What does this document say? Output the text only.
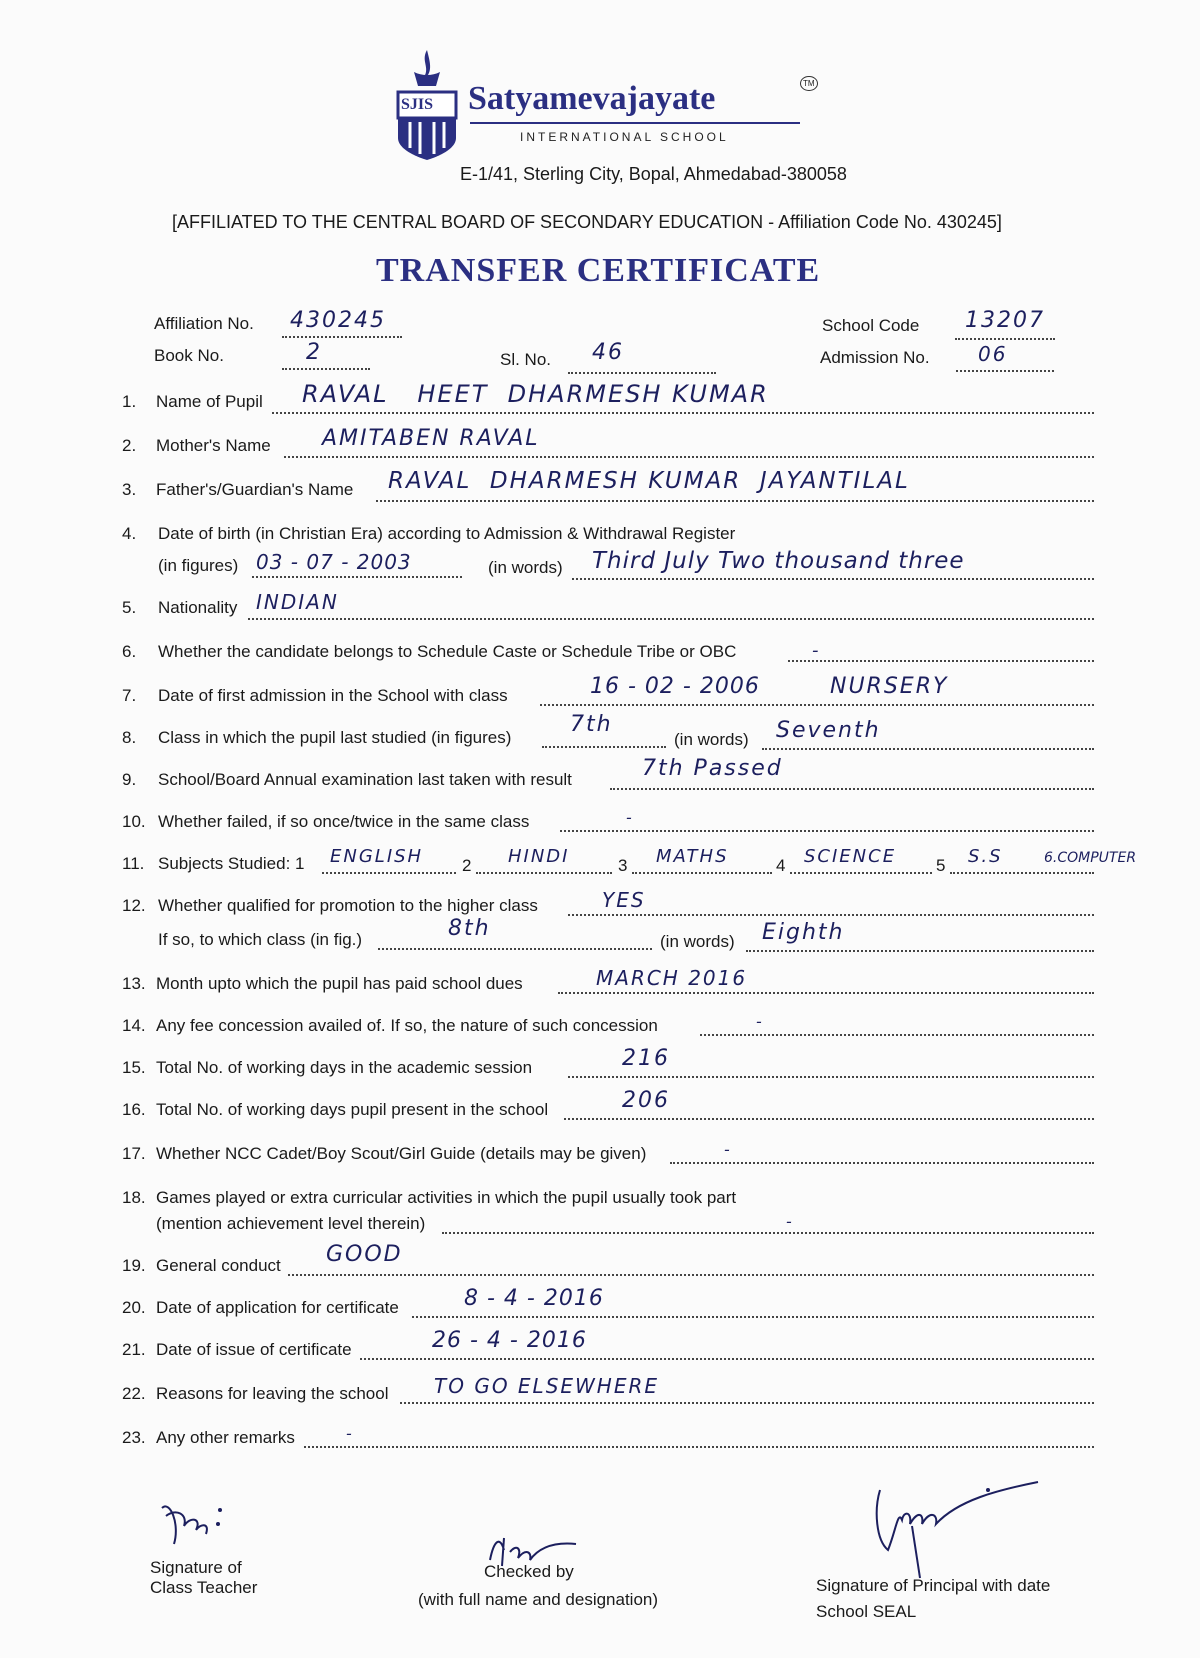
SJIS Satyamevajayate	TM
INTERNATIONAL SCHOOL
E-1/41, Sterling City, Bopal, Ahmedabad-380058
[AFFILIATED TO THE CENTRAL BOARD OF SECONDARY EDUCATION - Affiliation Code No. 430245]
TRANSFER CERTIFICATE
Affiliation No. 430245	School Code 13207
Book No.	2	Sl. No. 46	Admission No. 06
1. Name of Pupil RAVAL   HEET  DHARMESH KUMAR
2. Mother's Name AMITABEN RAVAL
3. Father's/Guardian's Name RAVAL  DHARMESH KUMAR  JAYANTILAL
4. Date of birth (in Christian Era) according to Admission & Withdrawal Register
(in figures) 03 - 07 - 2003	(in words) Third July Two thousand three
5. Nationality INDIAN
6. Whether the candidate belongs to Schedule Caste or Schedule Tribe or OBC	-
7. Date of first admission in the School with class	16 - 02 - 2006	NURSERY
8. Class in which the pupil last studied (in figures)
7th
(in words) Seventh
9. School/Board Annual examination last taken with result	7th Passed
10. Whether failed, if so once/twice in the same class	-
11. Subjects Studied: 1 ENGLISH 2 HINDI	3 MATHS	4 SCIENCE 5 S.S	6.COMPUTER
12. Whether qualified for promotion to the higher class	YES
If so, to which class (in fig.)	8th
(in words) Eighth
13. Month upto which the pupil has paid school dues	MARCH 2016
14. Any fee concession availed of. If so, the nature of such concession	-
15. Total No. of working days in the academic session	216
16. Total No. of working days pupil present in the school	206
17. Whether NCC Cadet/Boy Scout/Girl Guide (details may be given)	-
18. Games played or extra curricular activities in which the pupil usually took part
(mention achievement level therein)	-
19. General conduct GOOD
20. Date of application for certificate	8 - 4 - 2016
21. Date of issue of certificate	26 - 4 - 2016
22. Reasons for leaving the school TO GO ELSEWHERE
23. Any other remarks	-
Signature of
Class Teacher
Checked by
(with full name and designation)
Signature of Principal with date
School SEAL
